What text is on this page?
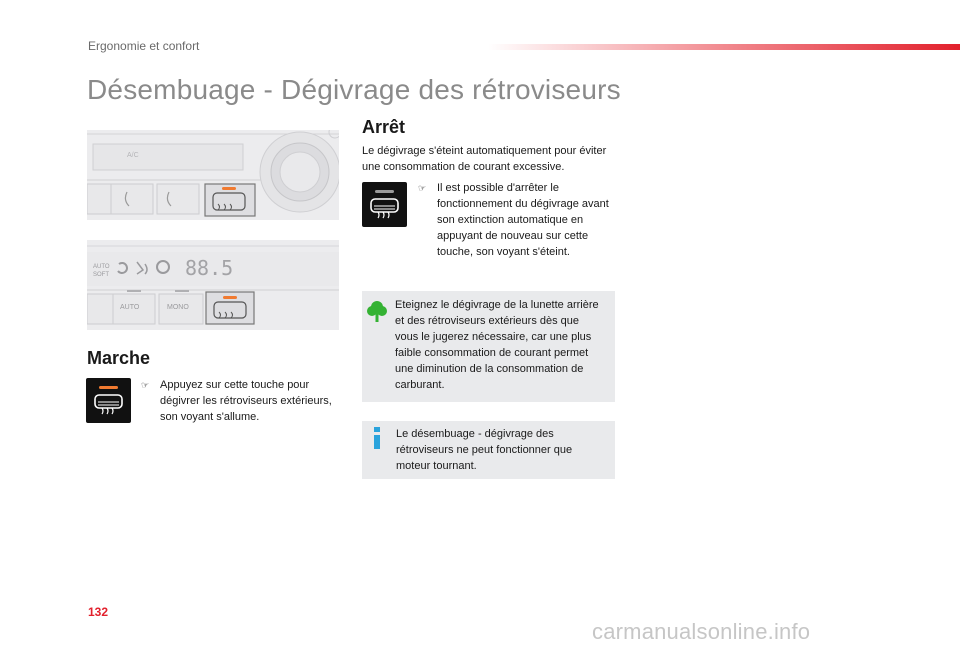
Ergonomie et confort
Désembuage - Dégivrage des rétroviseurs
A/C
AUTO
SOFT	88.5
AUTO	MONO
Marche
☞ Appuyez sur cette touche pour dégivrer les rétroviseurs extérieurs, son voyant s'allume.

Arrêt

Le dégivrage s'éteint automatiquement pour éviter une consommation de courant excessive.

☞ Il est possible d'arrêter le fonctionnement du dégivrage avant son extinction automatique en appuyant de nouveau sur cette touche, son voyant s'éteint.

Eteignez le dégivrage de la lunette arrière et des rétroviseurs extérieurs dès que vous le jugerez nécessaire, car une plus faible consommation de courant permet une diminution de la consommation de carburant.

Le désembuage - dégivrage des rétroviseurs ne peut fonctionner que moteur tournant.

132
carmanualsonline.info
